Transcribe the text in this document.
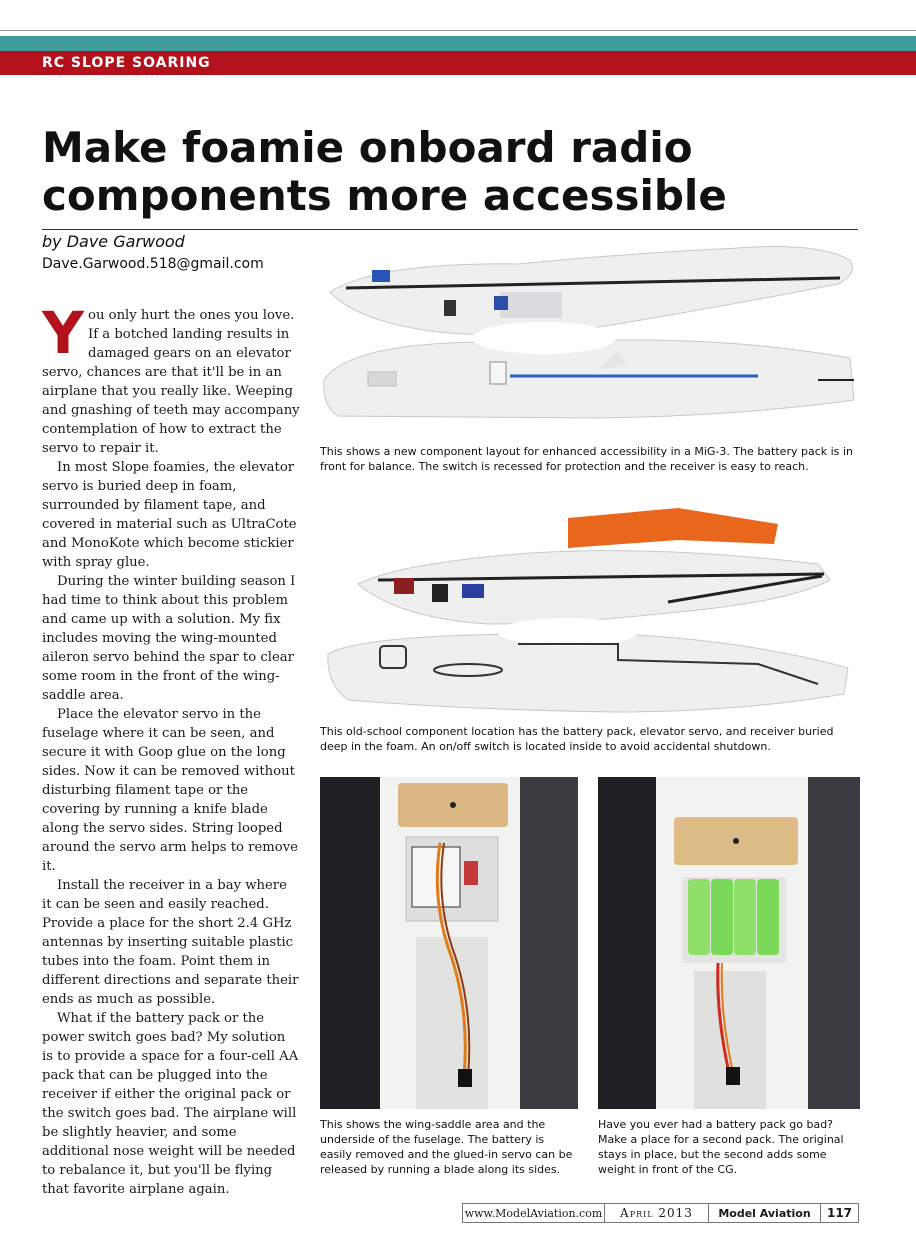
RC SLOPE SOARING
Make foamie onboard radio components more accessible
by Dave Garwood
Dave.Garwood.518@gmail.com

You only hurt the ones you love. If a botched landing results in damaged gears on an elevator servo, chances are that it'll be in an airplane that you really like. Weeping and gnashing of teeth may accompany contemplation of how to extract the servo to repair it.

In most Slope foamies, the elevator servo is buried deep in foam, surrounded by filament tape, and covered in material such as UltraCote and MonoKote which become stickier with spray glue.

During the winter building season I had time to think about this problem and came up with a solution. My fix includes moving the wing-mounted aileron servo behind the spar to clear some room in the front of the wing-saddle area.

Place the elevator servo in the fuselage where it can be seen, and secure it with Goop glue on the long sides. Now it can be removed without disturbing filament tape or the covering by running a knife blade along the servo sides. String looped around the servo arm helps to remove it.

Install the receiver in a bay where it can be seen and easily reached. Provide a place for the short 2.4 GHz antennas by inserting suitable plastic tubes into the foam. Point them in different directions and separate their ends as much as possible.

What if the battery pack or the power switch goes bad? My solution is to provide a space for a four-cell AA pack that can be plugged into the receiver if either the original pack or the switch goes bad. The airplane will be slightly heavier, and some additional nose weight will be needed to rebalance it, but you'll be flying that favorite airplane again.

This shows a new component layout for enhanced accessibility in a MiG-3. The battery pack is in front for balance. The switch is recessed for protection and the receiver is easy to reach.
This old-school component location has the battery pack, elevator servo, and receiver buried deep in the foam. An on/off switch is located inside to avoid accidental shutdown.
This shows the wing-saddle area and the underside of the fuselage. The battery is easily removed and the glued-in servo can be released by running a blade along its sides.
Have you ever had a battery pack go bad? Make a place for a second pack. The original stays in place, but the second adds some weight in front of the CG.
www.ModelAviation.com	April 2013	Model Aviation	117
